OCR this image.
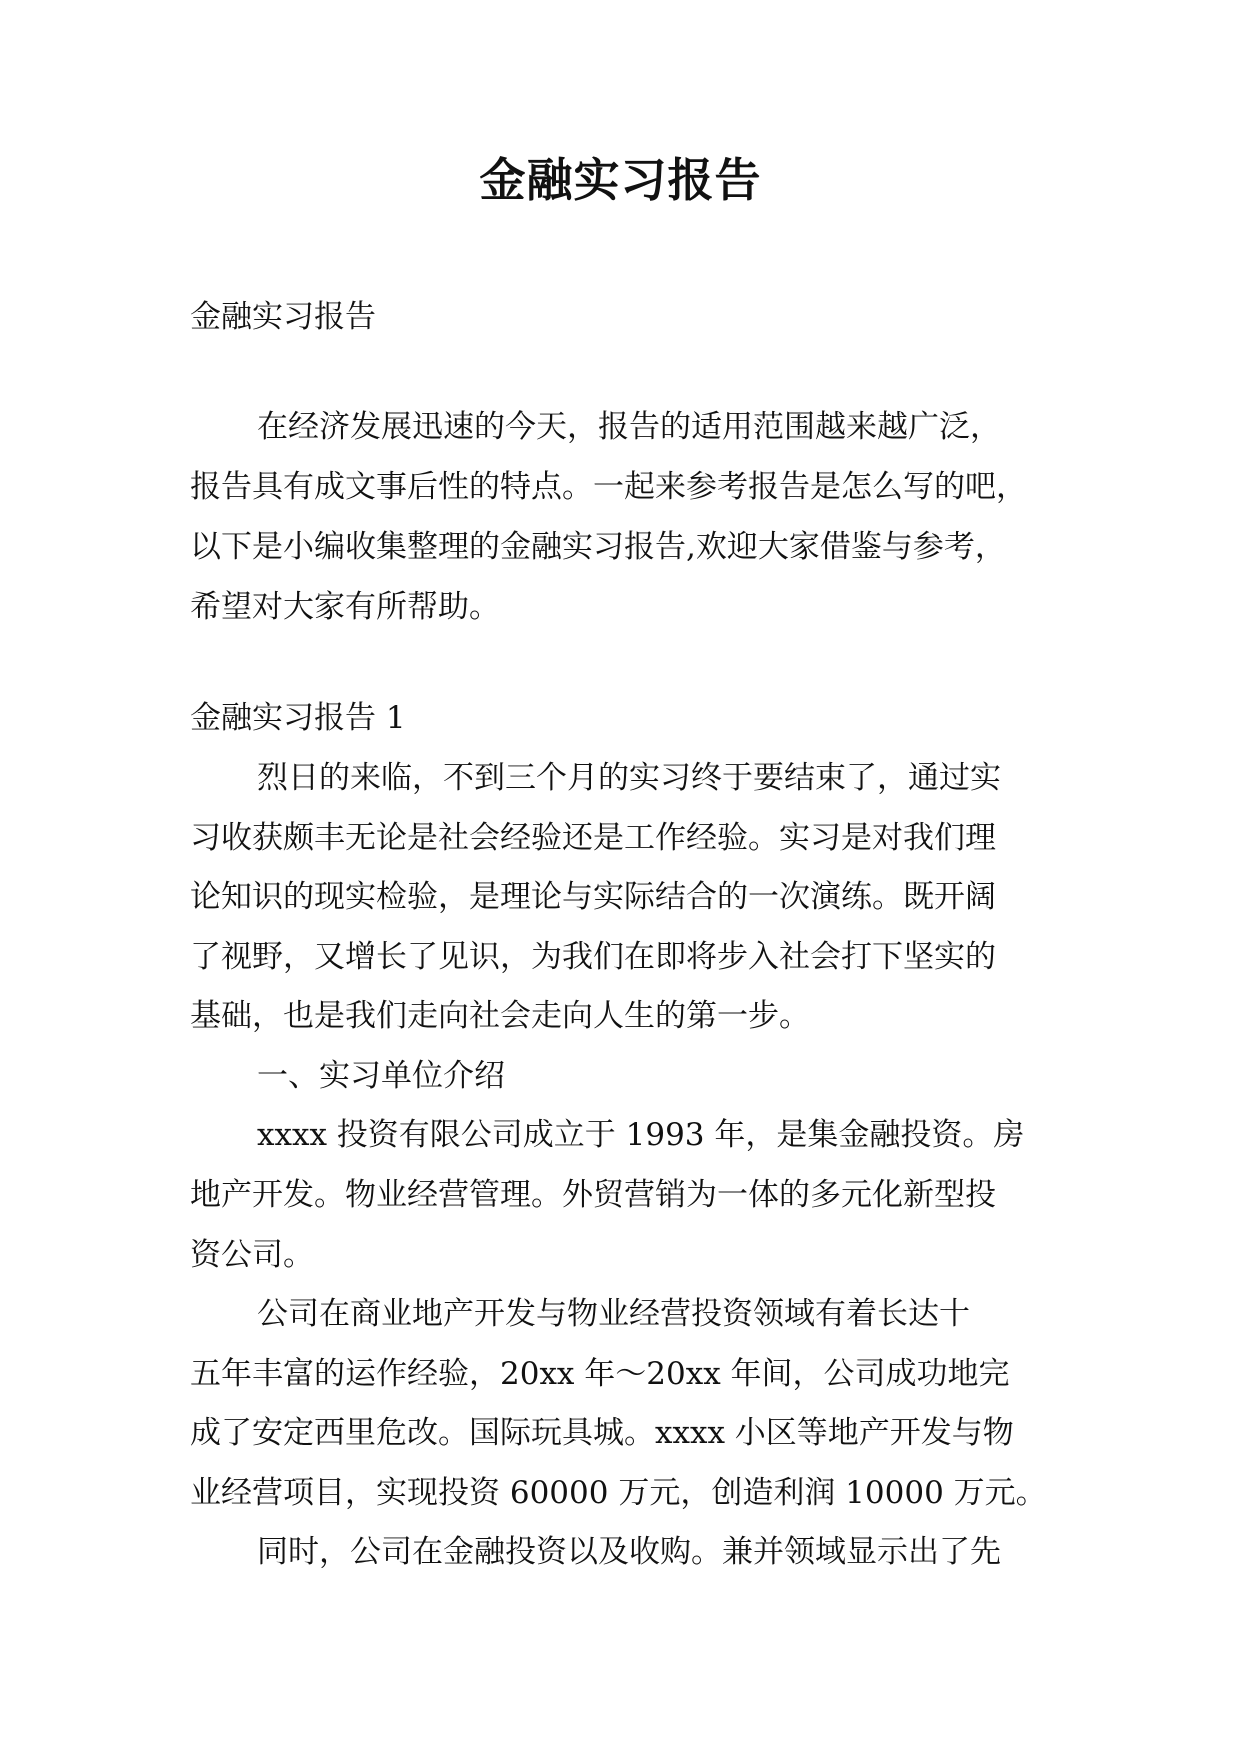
金融实习报告

金融实习报告

在经济发展迅速的今天，报告的适用范围越来越广泛，

报告具有成文事后性的特点。一起来参考报告是怎么写的吧，

以下是小编收集整理的金融实习报告,欢迎大家借鉴与参考，

希望对大家有所帮助。

金融实习报告 1

烈日的来临，不到三个月的实习终于要结束了，通过实

习收获颇丰无论是社会经验还是工作经验。实习是对我们理

论知识的现实检验，是理论与实际结合的一次演练。既开阔

了视野，又增长了见识，为我们在即将步入社会打下坚实的

基础，也是我们走向社会走向人生的第一步。

一、实习单位介绍

xxxx 投资有限公司成立于 1993 年，是集金融投资。房

地产开发。物业经营管理。外贸营销为一体的多元化新型投

资公司。

公司在商业地产开发与物业经营投资领域有着长达十

五年丰富的运作经验，20xx 年～20xx 年间，公司成功地完

成了安定西里危改。国际玩具城。xxxx 小区等地产开发与物

业经营项目，实现投资 60000 万元，创造利润 10000 万元。

同时，公司在金融投资以及收购。兼并领域显示出了先
